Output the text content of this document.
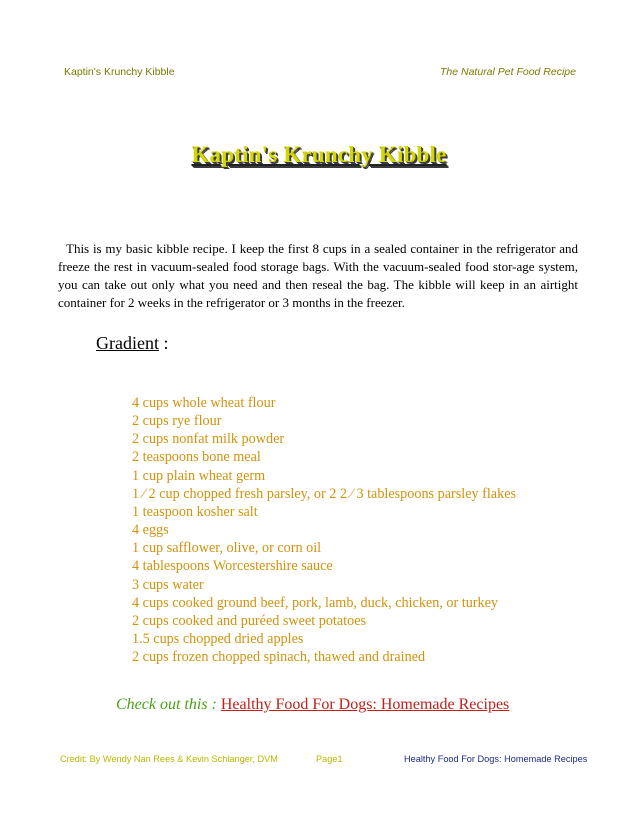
Kaptin's Krunchy Kibble	The Natural Pet Food Recipe
Kaptin's Krunchy Kibble

This is my basic kibble recipe. I keep the first 8 cups in a sealed container in the refrigerator and freeze the rest in vacuum-sealed food storage bags. With the vacuum-sealed food stor-age system, you can take out only what you need and then reseal the bag. The kibble will keep in an airtight container for 2 weeks in the refrigerator or 3 months in the freezer.

Gradient :
4 cups whole wheat flour
2 cups rye flour
2 cups nonfat milk powder
2 teaspoons bone meal
1 cup plain wheat germ
1 ⁄ 2 cup chopped fresh parsley, or 2 2 ⁄ 3 tablespoons parsley flakes
1 teaspoon kosher salt
4 eggs
1 cup safflower, olive, or corn oil
4 tablespoons Worcestershire sauce
3 cups water
4 cups cooked ground beef, pork, lamb, duck, chicken, or turkey
2 cups cooked and puréed sweet potatoes
1.5 cups chopped dried apples
2 cups frozen chopped spinach, thawed and drained
Check out this : Healthy Food For Dogs: Homemade Recipes
Credit: By Wendy Nan Rees & Kevin Schlanger, DVM	Page1	Healthy Food For Dogs: Homemade Recipes
